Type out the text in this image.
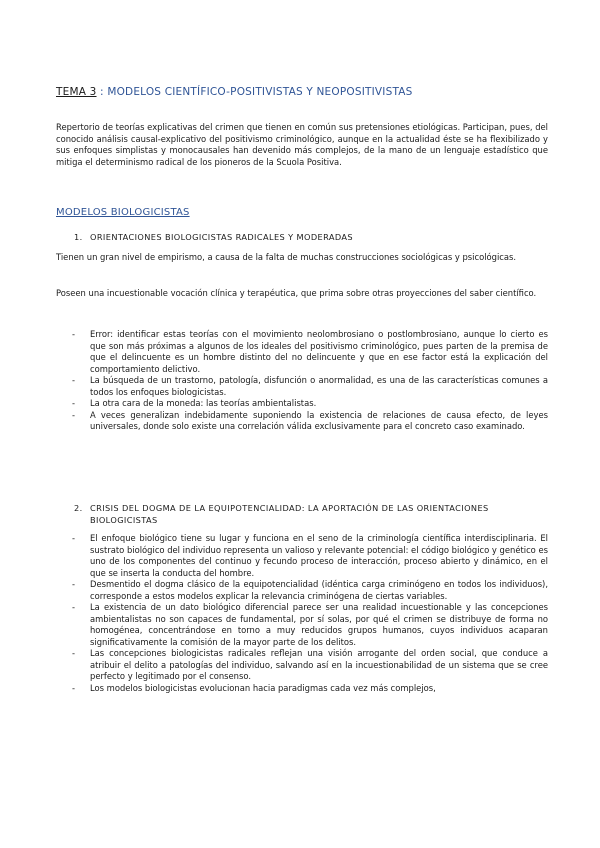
TEMA 3 : MODELOS CIENTÍFICO-POSITIVISTAS Y NEOPOSITIVISTAS

Repertorio de teorías explicativas del crimen que tienen en común sus pretensiones etiológicas. Participan, pues, del conocido análisis causal-explicativo del positivismo criminológico, aunque en la actualidad éste se ha flexibilizado y sus enfoques simplistas y monocausales han devenido más complejos, de la mano de un lenguaje estadístico que mitiga el determinismo radical de los pioneros de la Scuola Positiva.

MODELOS BIOLOGICISTAS
1. ORIENTACIONES BIOLOGICISTAS RADICALES Y MODERADAS

Tienen un gran nivel de empirismo, a causa de la falta de muchas construcciones sociológicas y psicológicas.

Poseen una incuestionable vocación clínica y terapéutica, que prima sobre otras proyecciones del saber científico.

- Error: identificar estas teorías con el movimiento neolombrosiano o postlombrosiano, aunque lo cierto es que son más próximas a algunos de los ideales del positivismo criminológico, pues parten de la premisa de que el delincuente es un hombre distinto del no delincuente y que en ese factor está la explicación del comportamiento delictivo.
- La búsqueda de un trastorno, patología, disfunción o anormalidad, es una de las características comunes a todos los enfoques biologicistas.
- La otra cara de la moneda: las teorías ambientalistas.
- A veces generalizan indebidamente suponiendo la existencia de relaciones de causa efecto, de leyes universales, donde solo existe una correlación válida exclusivamente para el concreto caso examinado.
2. CRISIS DEL DOGMA DE LA EQUIPOTENCIALIDAD: LA APORTACIÓN DE LAS ORIENTACIONES BIOLOGICISTAS
- El enfoque biológico tiene su lugar y funciona en el seno de la criminología científica interdisciplinaria. El sustrato biológico del individuo representa un valioso y relevante potencial: el código biológico y genético es uno de los componentes del continuo y fecundo proceso de interacción, proceso abierto y dinámico, en el que se inserta la conducta del hombre.
- Desmentido el dogma clásico de la equipotencialidad (idéntica carga criminógeno en todos los individuos), corresponde a estos modelos explicar la relevancia criminógena de ciertas variables.
- La existencia de un dato biológico diferencial parece ser una realidad incuestionable y las concepciones ambientalistas no son capaces de fundamental, por sí solas, por qué el crimen se distribuye de forma no homogénea, concentrándose en torno a muy reducidos grupos humanos, cuyos individuos acaparan significativamente la comisión de la mayor parte de los delitos.
- Las concepciones biologicistas radicales reflejan una visión arrogante del orden social, que conduce a atribuir el delito a patologías del individuo, salvando así en la incuestionabilidad de un sistema que se cree perfecto y legitimado por el consenso.
- Los modelos biologicistas evolucionan hacia paradigmas cada vez más complejos,
